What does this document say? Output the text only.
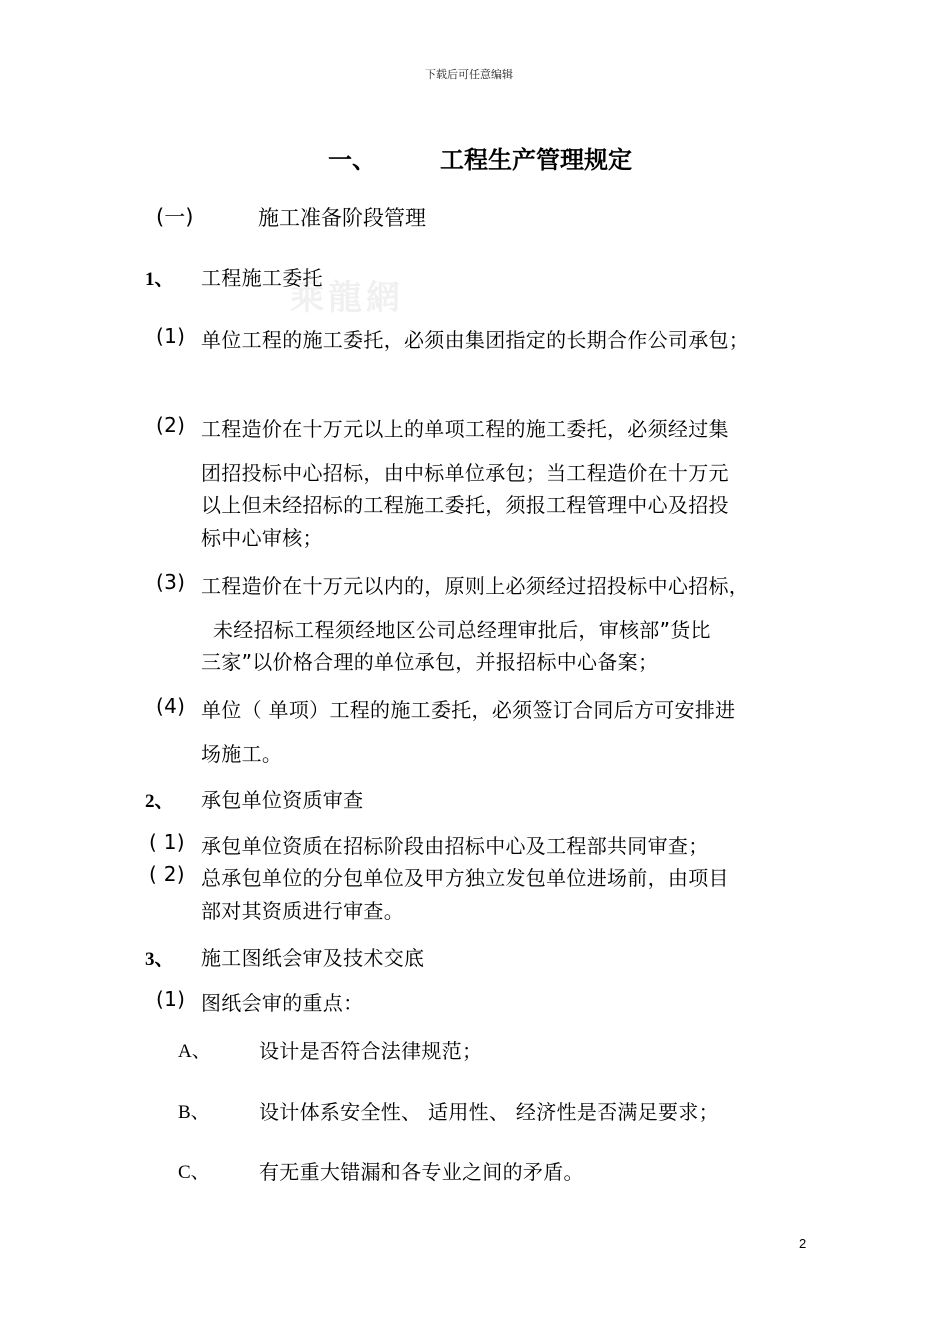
下载后可任意编辑
乘龍網
一、	工程生产管理规定
(一)	施工准备阶段管理
1、 工程施工委托
(1) 单位工程的施工委托，必须由集团指定的长期合作公司承包；
(2) 工程造价在十万元以上的单项工程的施工委托，必须经过集
团招投标中心招标，由中标单位承包；当工程造价在十万元
以上但未经招标的工程施工委托，须报工程管理中心及招投
标中心审核；
(3) 工程造价在十万元以内的，原则上必须经过招投标中心招标，
未经招标工程须经地区公司总经理审批后，审核部”货比
三家”以价格合理的单位承包，并报招标中心备案；
(4) 单位（ 单项）工程的施工委托，必须签订合同后方可安排进
场施工。
2、 承包单位资质审查
( 1) 承包单位资质在招标阶段由招标中心及工程部共同审查；
( 2) 总承包单位的分包单位及甲方独立发包单位进场前，由项目
部对其资质进行审查。
3、 施工图纸会审及技术交底
(1) 图纸会审的重点：
A、 设计是否符合法律规范；
B、 设计体系安全性、 适用性、 经济性是否满足要求；
C、 有无重大错漏和各专业之间的矛盾。
2
